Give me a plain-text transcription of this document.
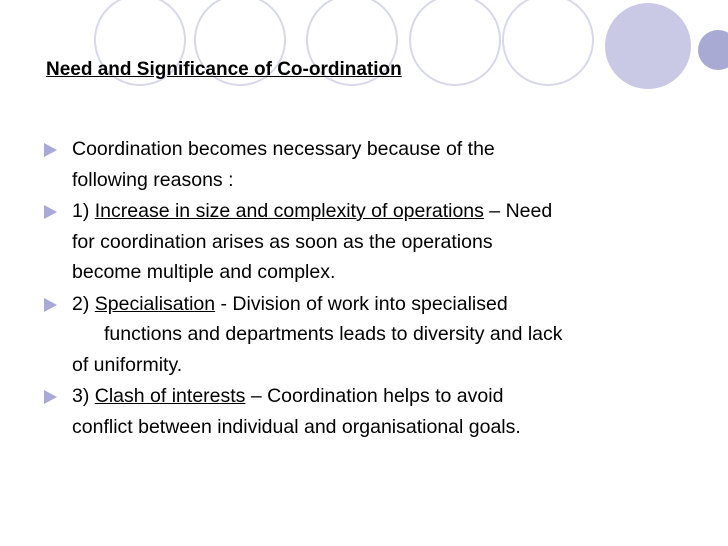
Need and Significance of Co-ordination
Coordination becomes necessary because of the
following reasons :
1) Increase in size and complexity of operations – Need
for coordination arises as soon as the operations
become multiple and complex.
2) Specialisation - Division of work into specialised
functions and departments leads to diversity and lack
of uniformity.
3) Clash of interests – Coordination helps to avoid
conflict between individual and organisational goals.
